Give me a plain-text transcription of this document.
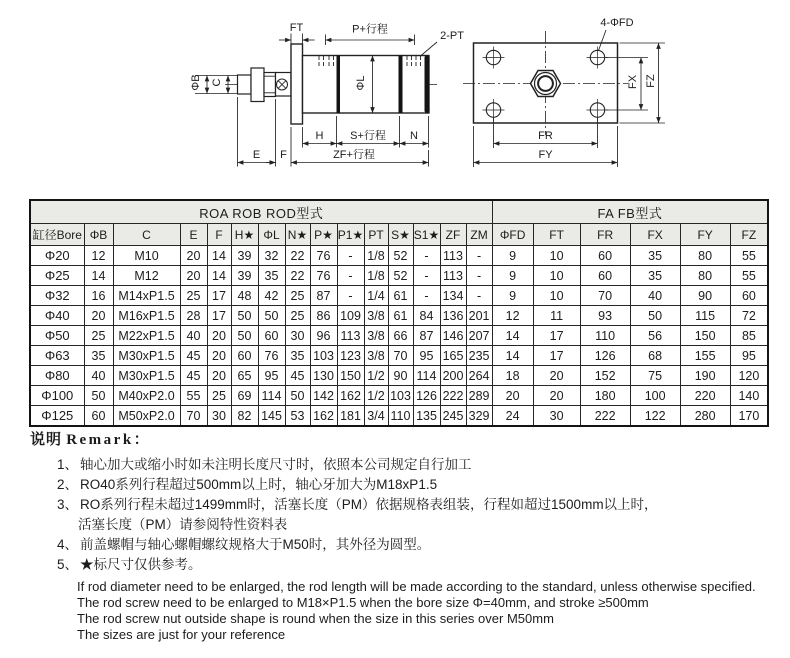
FT	P+行程
2-PT
ΦB C	ΦL
H S+行程 N
E F	ZF+行程
4-ΦFD
FX FZ
FR
FY
ROA ROB ROD型式															FA FB型式					
缸径Bore	ΦB	C	E	F	H★	ΦL	N★	P★	P1★	PT	S★	S1★	ZF	ZM	ΦFD	FT	FR	FX	FY	FZ
Φ20	12	M10	20	14	39	32	22	76	-	1/8	52	-	113	-	9	10	60	35	80	55
Φ25	14	M12	20	14	39	35	22	76	-	1/8	52	-	113	-	9	10	60	35	80	55
Φ32	16	M14xP1.5	25	17	48	42	25	87	-	1/4	61	-	134	-	9	10	70	40	90	60
Φ40	20	M16xP1.5	28	17	50	50	25	86	109	3/8	61	84	136	201	12	11	93	50	115	72
Φ50	25	M22xP1.5	40	20	50	60	30	96	113	3/8	66	87	146	207	14	17	110	56	150	85
Φ63	35	M30xP1.5	45	20	60	76	35	103	123	3/8	70	95	165	235	14	17	126	68	155	95
Φ80	40	M30xP1.5	45	20	65	95	45	130	150	1/2	90	114	200	264	18	20	152	75	190	120
Φ100	50	M40xP2.0	55	25	69	114	50	142	162	1/2	103	126	222	289	20	20	180	100	220	140
Φ125	60	M50xP2.0	70	30	82	145	53	162	181	3/4	110	135	245	329	24	30	222	122	280	170
说明 Remark：
1、 轴心加大或缩小时如未注明长度尺寸时，依照本公司规定自行加工
2、 RO40系列行程超过500mm以上时，轴心牙加大为M18xP1.5
3、 RO系列行程未超过1499mm时，活塞长度（PM）依据规格表组装，行程如超过1500mm以上时，
活塞长度（PM）请参阅特性资料表
4、 前盖螺帽与轴心螺帽螺纹规格大于M50时，其外径为圆型。
5、 ★标尺寸仅供参考。
If rod diameter need to be enlarged, the rod length will be made according to the standard, unless otherwise specified.
The rod screw need to be enlarged to M18×P1.5 when the bore size Φ=40mm, and stroke ≥500mm
The rod screw nut outside shape is round when the size in this series over M50mm
The sizes are just for your reference
